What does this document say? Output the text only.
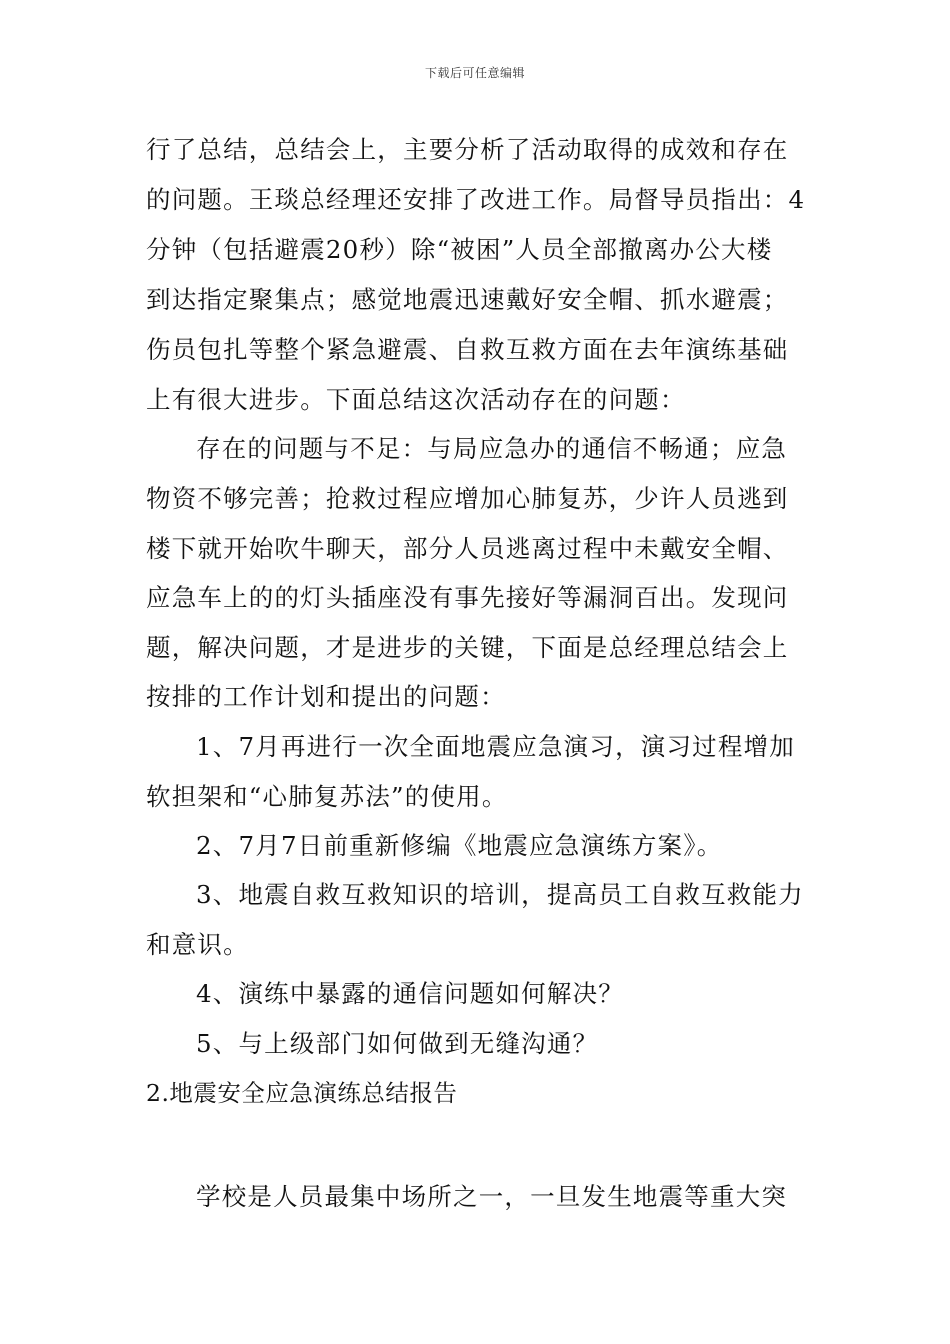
下载后可任意编辑
行了总结，总结会上，主要分析了活动取得的成效和存在
的问题。王琰总经理还安排了改进工作。局督导员指出：4
分钟（包括避震20秒）除“被困”人员全部撤离办公大楼
到达指定聚集点；感觉地震迅速戴好安全帽、抓水避震；
伤员包扎等整个紧急避震、自救互救方面在去年演练基础
上有很大进步。下面总结这次活动存在的问题：
存在的问题与不足：与局应急办的通信不畅通；应急
物资不够完善；抢救过程应增加心肺复苏，少许人员逃到
楼下就开始吹牛聊天，部分人员逃离过程中未戴安全帽、
应急车上的的灯头插座没有事先接好等漏洞百出。发现问
题，解决问题，才是进步的关键，下面是总经理总结会上
按排的工作计划和提出的问题：
1、7月再进行一次全面地震应急演习，演习过程增加
软担架和“心肺复苏法”的使用。
2、7月7日前重新修编《地震应急演练方案》。
3、地震自救互救知识的培训，提高员工自救互救能力
和意识。
4、演练中暴露的通信问题如何解决？
5、与上级部门如何做到无缝沟通？
2.地震安全应急演练总结报告
学校是人员最集中场所之一，一旦发生地震等重大突
